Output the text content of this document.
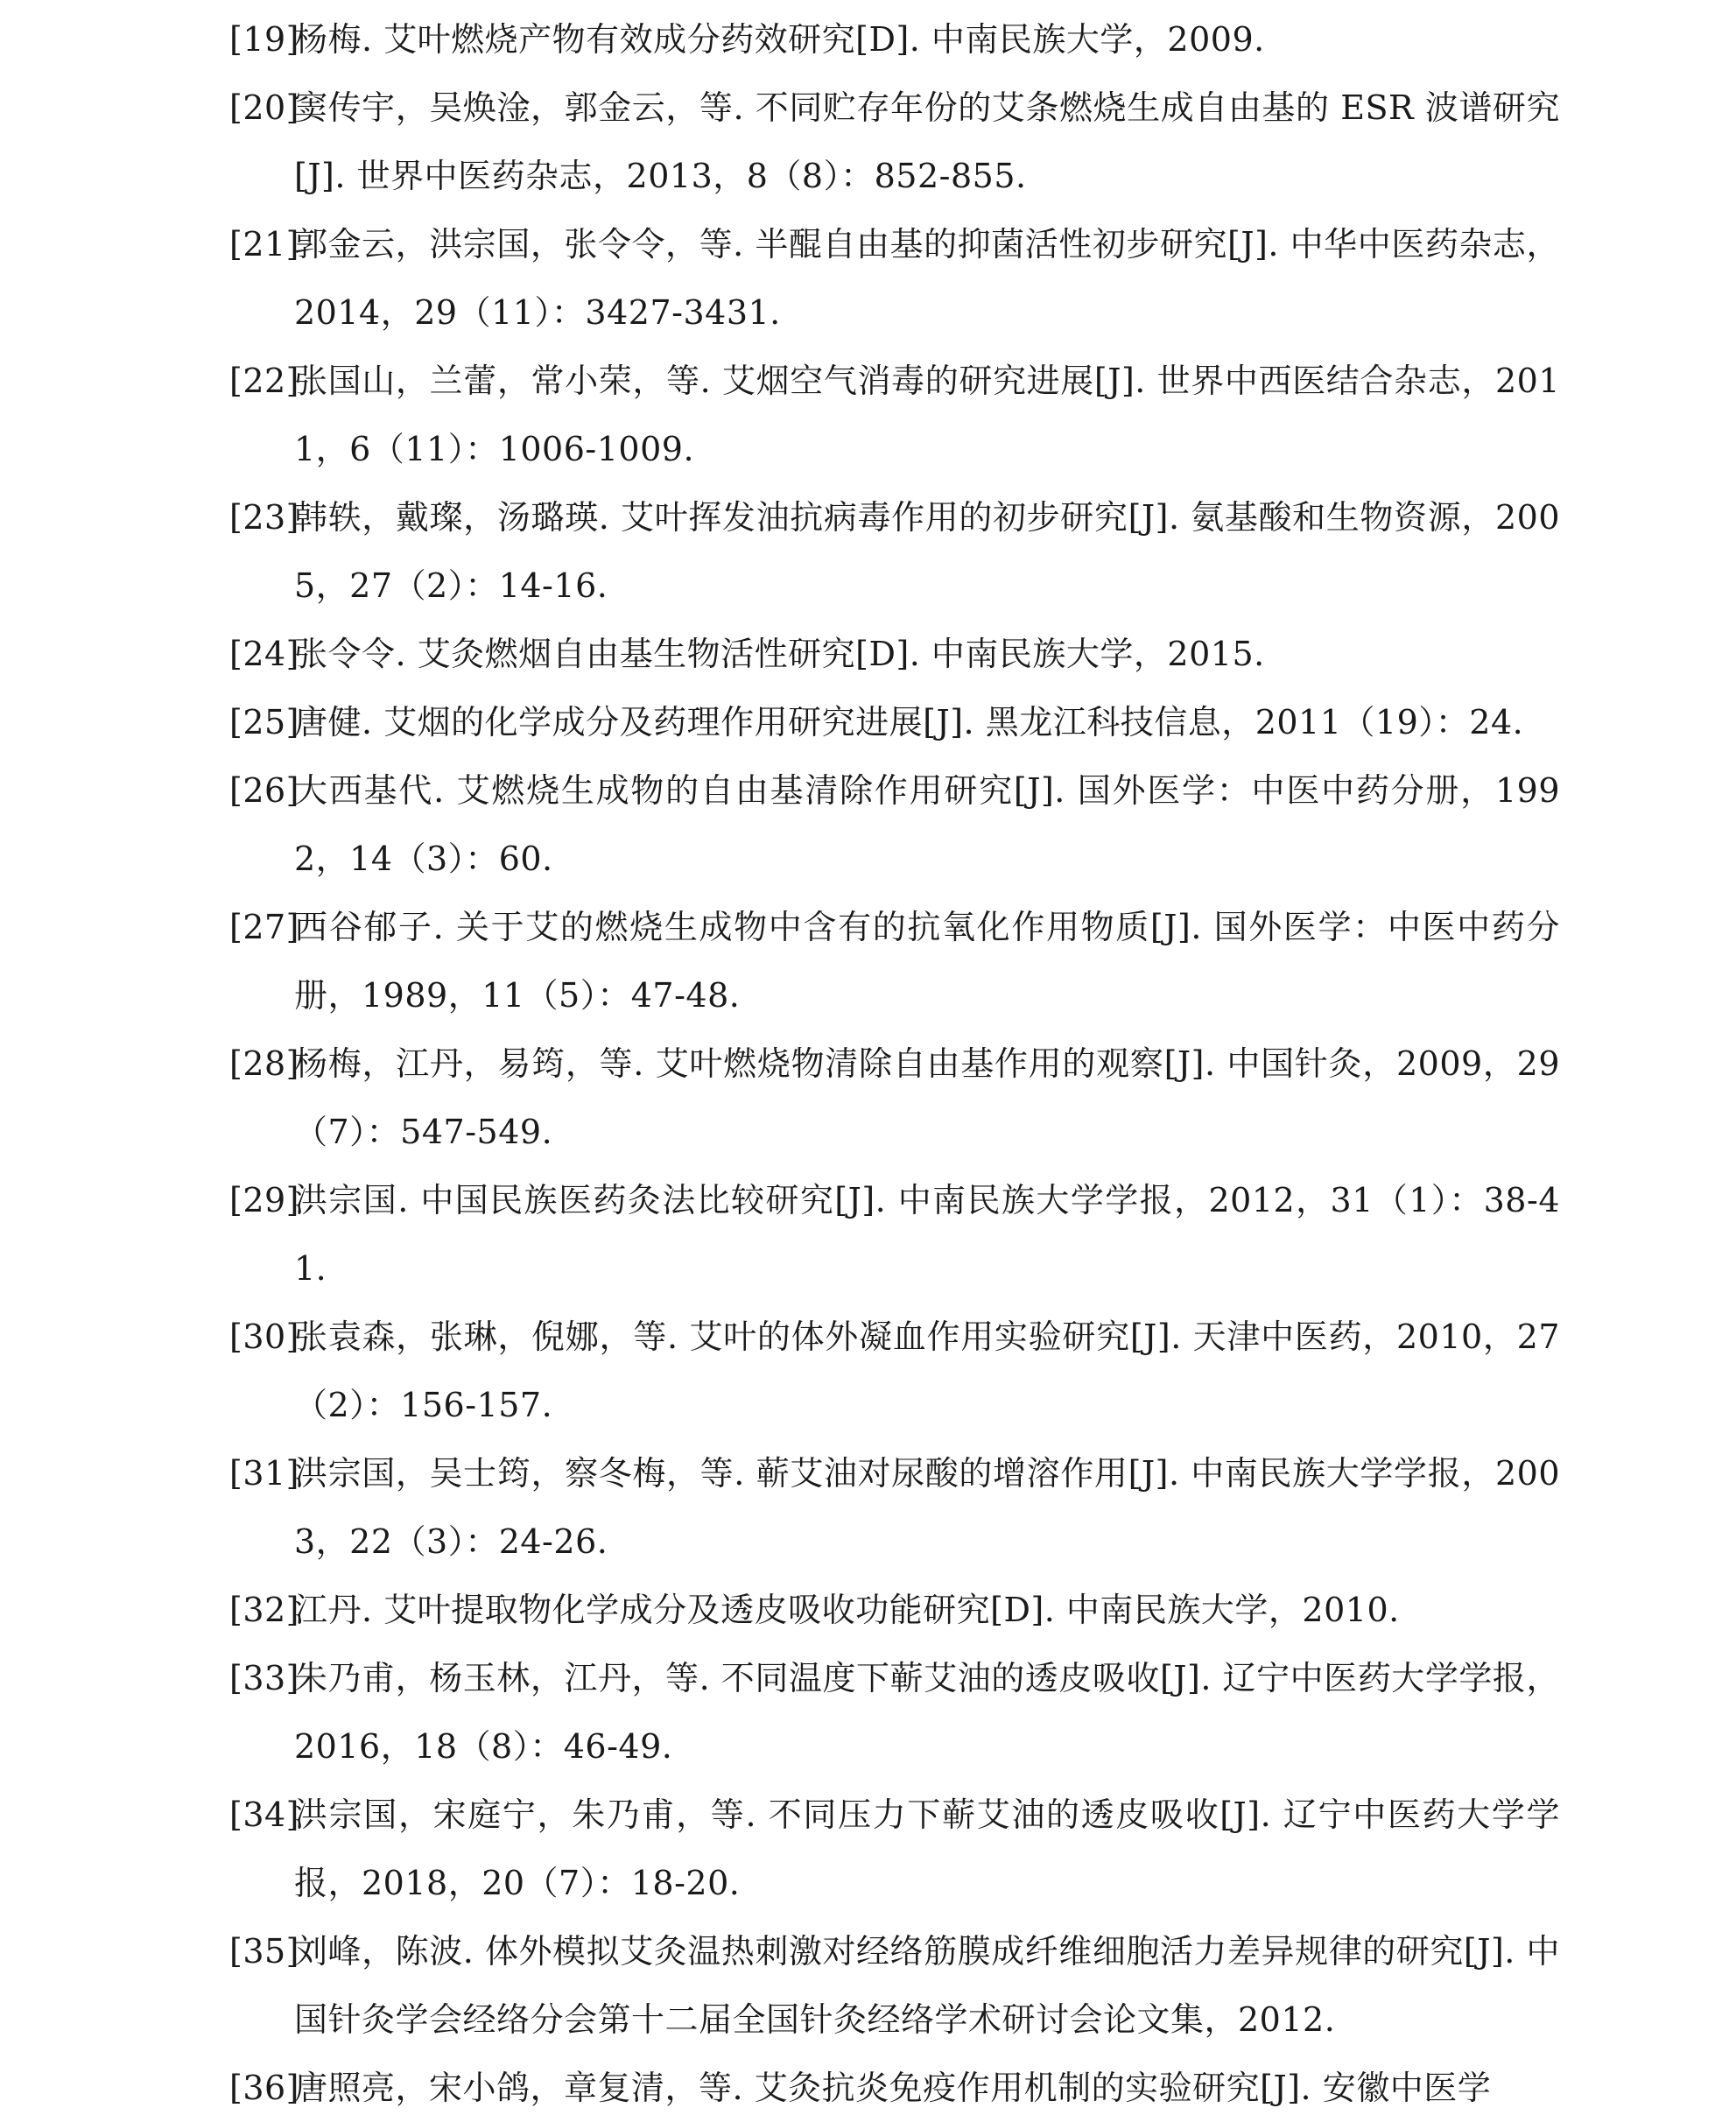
[19]
杨梅. 艾叶燃烧产物有效成分药效研究[D]. 中南民族大学，2009.
[20]
窦传宇，吴焕淦，郭金云，等. 不同贮存年份的艾条燃烧生成自由基的 ESR 波谱研究[J]. 世界中医药杂志，2013，8（8）：852-855.
[21]
郭金云，洪宗国，张令令，等. 半醌自由基的抑菌活性初步研究[J]. 中华中医药杂志，2014，29（11）：3427-3431.
[22]
张国山，兰蕾，常小荣，等. 艾烟空气消毒的研究进展[J]. 世界中西医结合杂志，2011，6（11）：1006-1009.
[23]
韩轶，戴璨，汤璐瑛. 艾叶挥发油抗病毒作用的初步研究[J]. 氨基酸和生物资源，2005，27（2）：14-16.
[24]
张令令. 艾灸燃烟自由基生物活性研究[D]. 中南民族大学，2015.
[25]
唐健. 艾烟的化学成分及药理作用研究进展[J]. 黑龙江科技信息，2011（19）：24.
[26]
大西基代. 艾燃烧生成物的自由基清除作用研究[J]. 国外医学：中医中药分册，1992，14（3）：60.
[27]
西谷郁子. 关于艾的燃烧生成物中含有的抗氧化作用物质[J]. 国外医学：中医中药分册，1989，11（5）：47-48.
[28]
杨梅，江丹，易筠，等. 艾叶燃烧物清除自由基作用的观察[J]. 中国针灸，2009，29（7）：547-549.
[29]
洪宗国. 中国民族医药灸法比较研究[J]. 中南民族大学学报，2012，31（1）：38-41.
[30]
张袁森，张琳，倪娜，等. 艾叶的体外凝血作用实验研究[J]. 天津中医药，2010，27（2）：156-157.
[31]
洪宗国，吴士筠，察冬梅，等. 蕲艾油对尿酸的增溶作用[J]. 中南民族大学学报，2003，22（3）：24-26.
[32]
江丹. 艾叶提取物化学成分及透皮吸收功能研究[D]. 中南民族大学，2010.
[33]
朱乃甫，杨玉林，江丹，等. 不同温度下蕲艾油的透皮吸收[J]. 辽宁中医药大学学报，2016，18（8）：46-49.
[34]
洪宗国，宋庭宁，朱乃甫，等. 不同压力下蕲艾油的透皮吸收[J]. 辽宁中医药大学学报，2018，20（7）：18-20.
[35]
刘峰，陈波. 体外模拟艾灸温热刺激对经络筋膜成纤维细胞活力差异规律的研究[J]. 中国针灸学会经络分会第十二届全国针灸经络学术研讨会论文集，2012.
[36]
唐照亮，宋小鸽，章复清，等. 艾灸抗炎免疫作用机制的实验研究[J]. 安徽中医学
